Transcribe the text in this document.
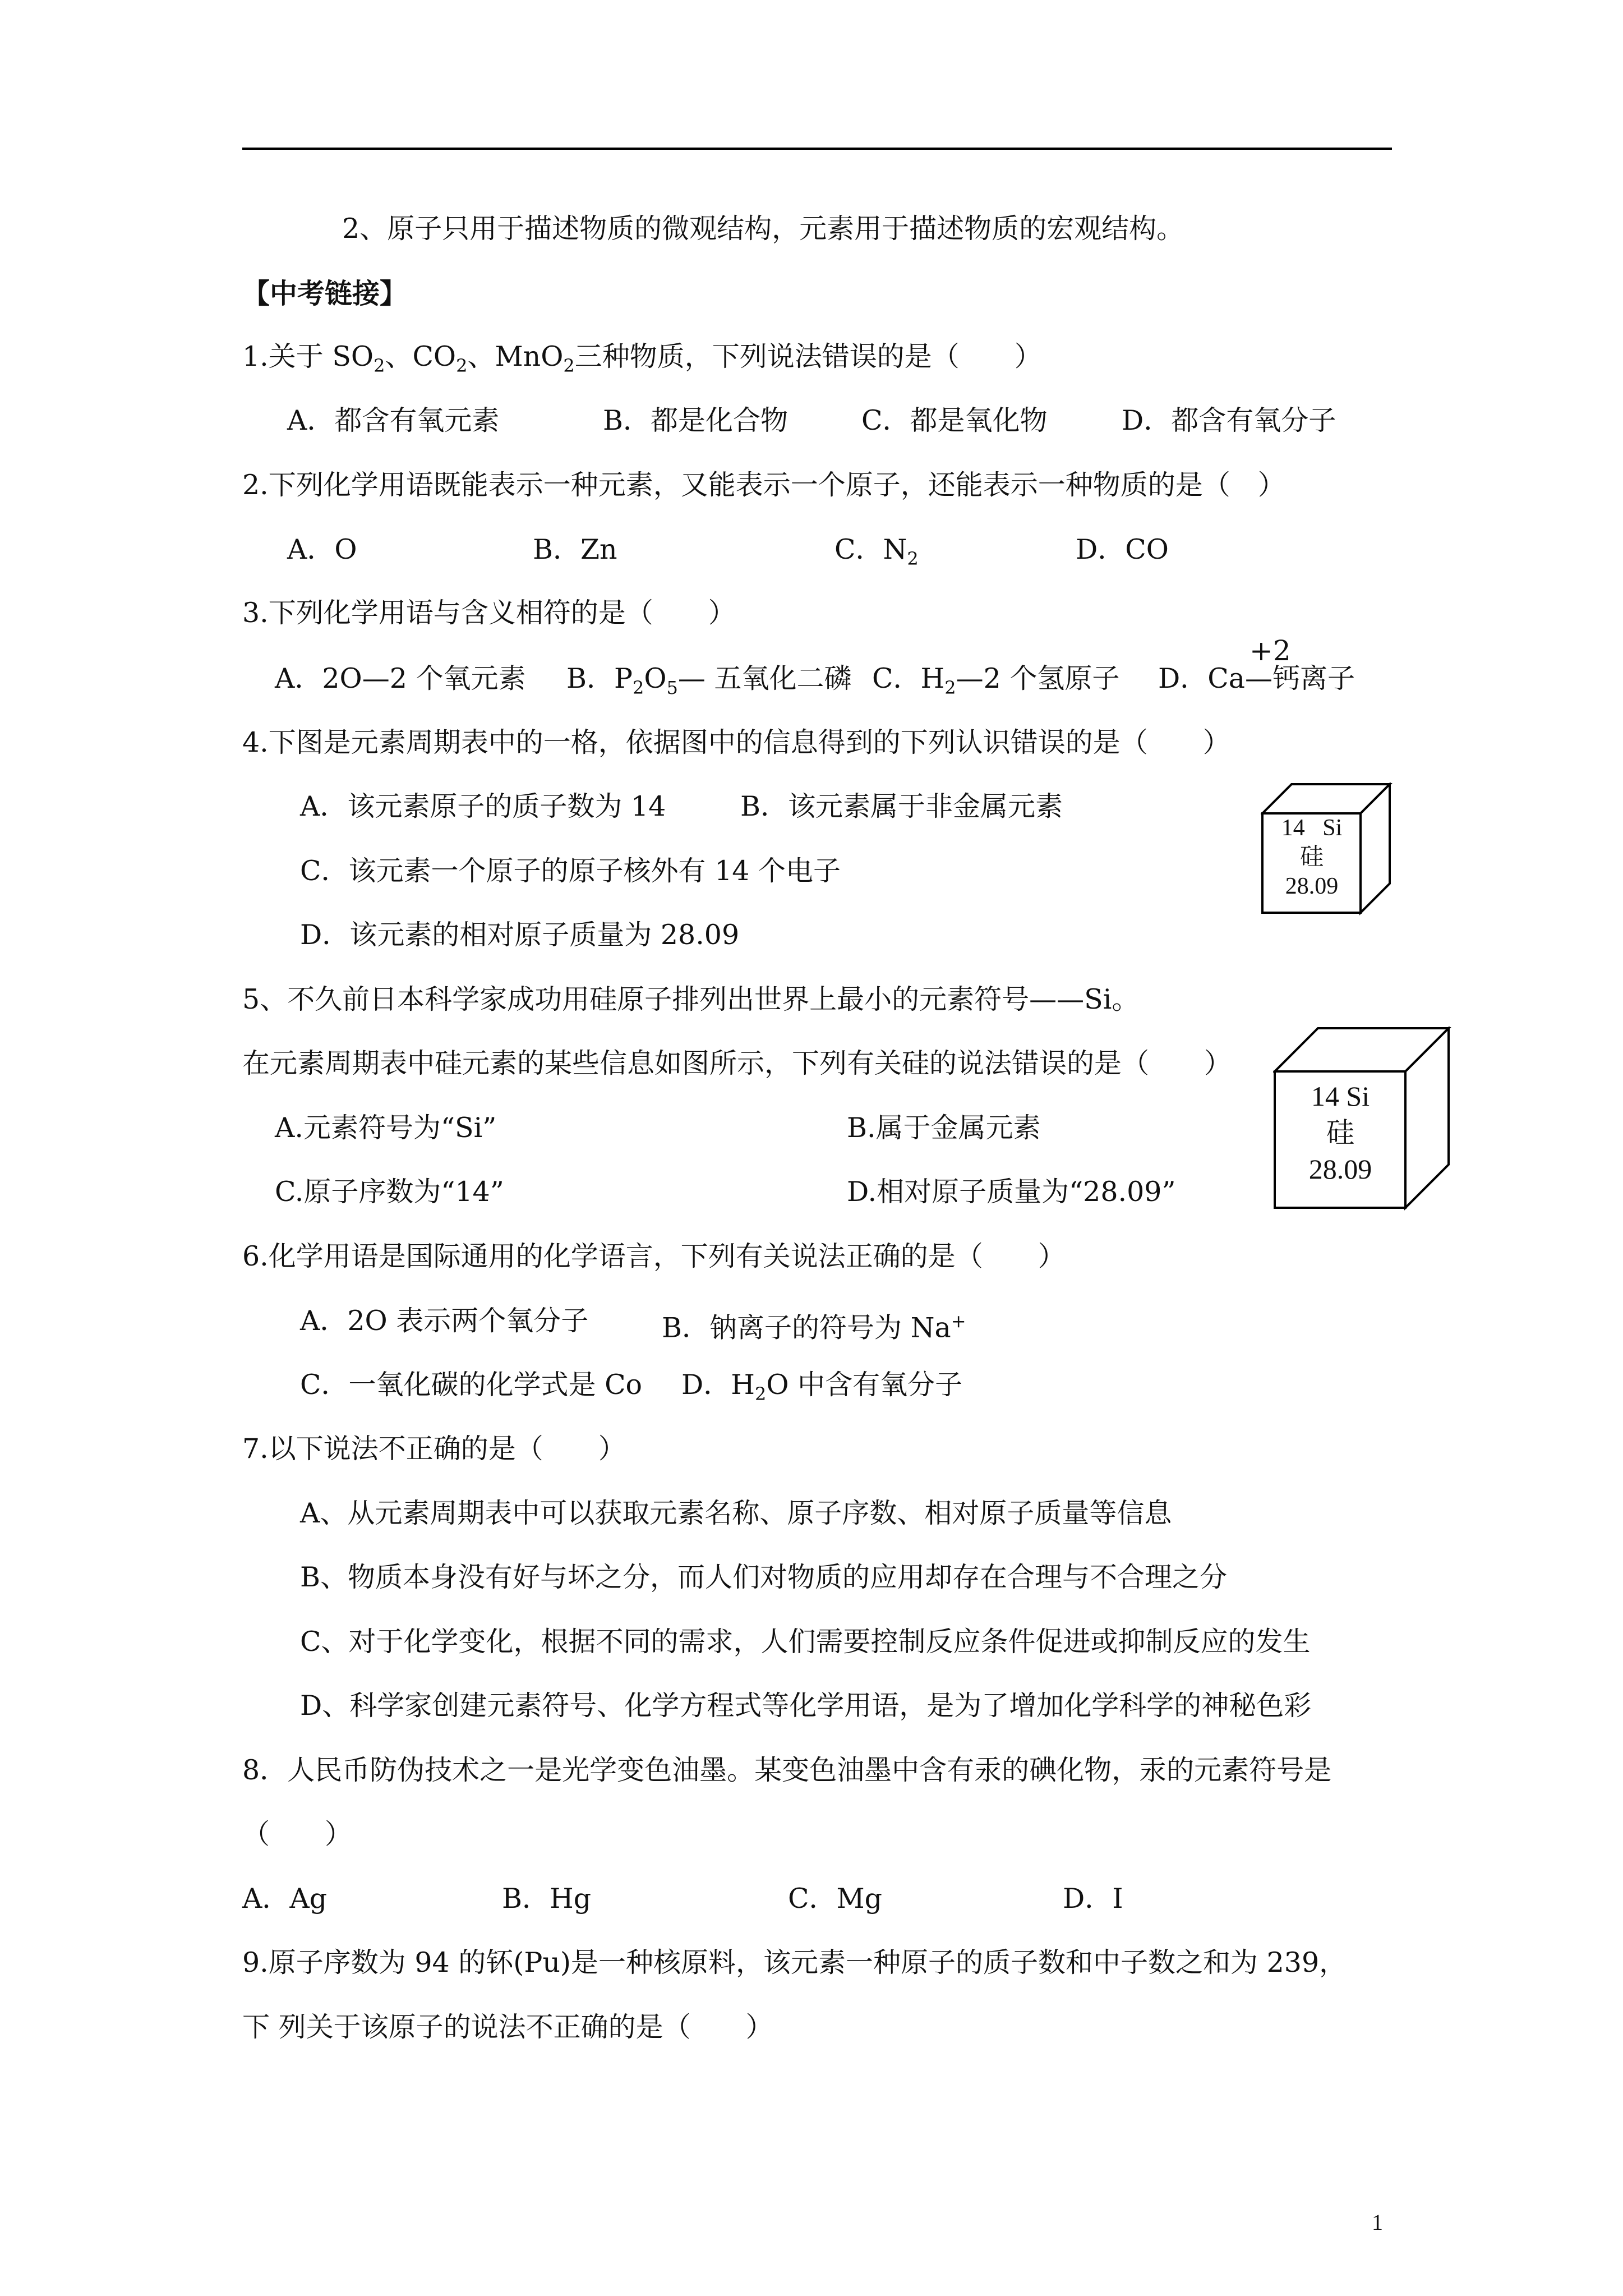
2、原子只用于描述物质的微观结构，元素用于描述物质的宏观结构。
【中考链接】
1.关于 $SO_2$、$CO_2$、MnO$_2$三种物质，下列说法错误的是（　　）
A．都含有氧元素	B．都是化合物	C．都是氧化物	D．都含有氧分子
2.下列化学用语既能表示一种元素，又能表示一个原子，还能表示一种物质的是（　）
A．O	B．Zn	C．$N_2$	D．CO
3.下列化学用语与含义相符的是（　　）
A．2O—2 个氧元素 B．$P_2O_5—$ 五氧化二磷 C．$H_2—2$ 个氢原子 D．Ca—钙离子
+2
4.下图是元素周期表中的一格，依据图中的信息得到的下列认识错误的是（　　）
A．该元素原子的质子数为 14	B．该元素属于非金属元素
C．该元素一个原子的原子核外有 14 个电子
D．该元素的相对原子质量为 28.09
14 Si
硅
28.09
5、不久前日本科学家成功用硅原子排列出世界上最小的元素符号——Si。
在元素周期表中硅元素的某些信息如图所示，下列有关硅的说法错误的是（　　）
A.元素符号为“Si”	B.属于金属元素
C.原子序数为“14”	D.相对原子质量为“28.09”
14 Si
硅
28.09
6.化学用语是国际通用的化学语言，下列有关说法正确的是（　　）
A．2O 表示两个氧分子	B．钠离子的符号为 Na+
C．一氧化碳的化学式是 Co D．$H_2O$ 中含有氧分子
7.以下说法不正确的是（　　）
A、从元素周期表中可以获取元素名称、原子序数、相对原子质量等信息
B、物质本身没有好与坏之分，而人们对物质的应用却存在合理与不合理之分
C、对于化学变化，根据不同的需求，人们需要控制反应条件促进或抑制反应的发生
D、科学家创建元素符号、化学方程式等化学用语，是为了增加化学科学的神秘色彩
8．人民币防伪技术之一是光学变色油墨。某变色油墨中含有汞的碘化物，汞的元素符号是
（　　）
A．Ag	B．Hg	C．Mg	D．I
9.原子序数为 94 的钚(Pu)是一种核原料，该元素一种原子的质子数和中子数之和为 239，
下 列关于该原子的说法不正确的是（　　）
1
